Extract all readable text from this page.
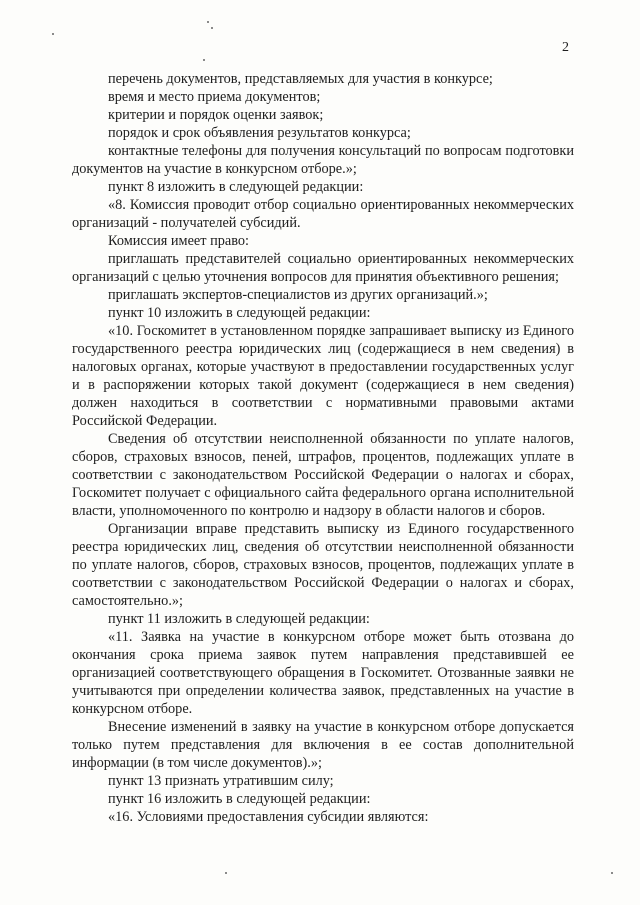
2

перечень документов, представляемых для участия в конкурсе;

время и место приема документов;

критерии и порядок оценки заявок;

порядок и срок объявления результатов конкурса;

контактные телефоны для получения консультаций по вопросам подготовки документов на участие в конкурсном отборе.»;

пункт 8 изложить в следующей редакции:

«8. Комиссия проводит отбор социально ориентированных некоммерческих организаций - получателей субсидий.

Комиссия имеет право:

приглашать представителей социально ориентированных некоммерческих организаций с целью уточнения вопросов для принятия объективного решения;

приглашать экспертов-специалистов из других организаций.»;

пункт 10 изложить в следующей редакции:

«10. Госкомитет в установленном порядке запрашивает выписку из Единого государственного реестра юридических лиц (содержащиеся в нем сведения) в налоговых органах, которые участвуют в предоставлении государственных услуг и в распоряжении которых такой документ (содержащиеся в нем сведения) должен находиться в соответствии с нормативными правовыми актами Российской Федерации.

Сведения об отсутствии неисполненной обязанности по уплате налогов, сборов, страховых взносов, пеней, штрафов, процентов, подлежащих уплате в соответствии с законодательством Российской Федерации о налогах и сборах, Госкомитет получает с официального сайта федерального органа исполнительной власти, уполномоченного по контролю и надзору в области налогов и сборов.

Организации вправе представить выписку из Единого государственного реестра юридических лиц, сведения об отсутствии неисполненной обязанности по уплате налогов, сборов, страховых взносов, процентов, подлежащих уплате в соответствии с законодательством Российской Федерации о налогах и сборах, самостоятельно.»;

пункт 11 изложить в следующей редакции:

«11. Заявка на участие в конкурсном отборе может быть отозвана до окончания срока приема заявок путем направления представившей ее организацией соответствующего обращения в Госкомитет. Отозванные заявки не учитываются при определении количества заявок, представленных на участие в конкурсном отборе.

Внесение изменений в заявку на участие в конкурсном отборе допускается только путем представления для включения в ее состав дополнительной информации (в том числе документов).»;

пункт 13 признать утратившим силу;

пункт 16 изложить в следующей редакции:

«16. Условиями предоставления субсидии являются:
